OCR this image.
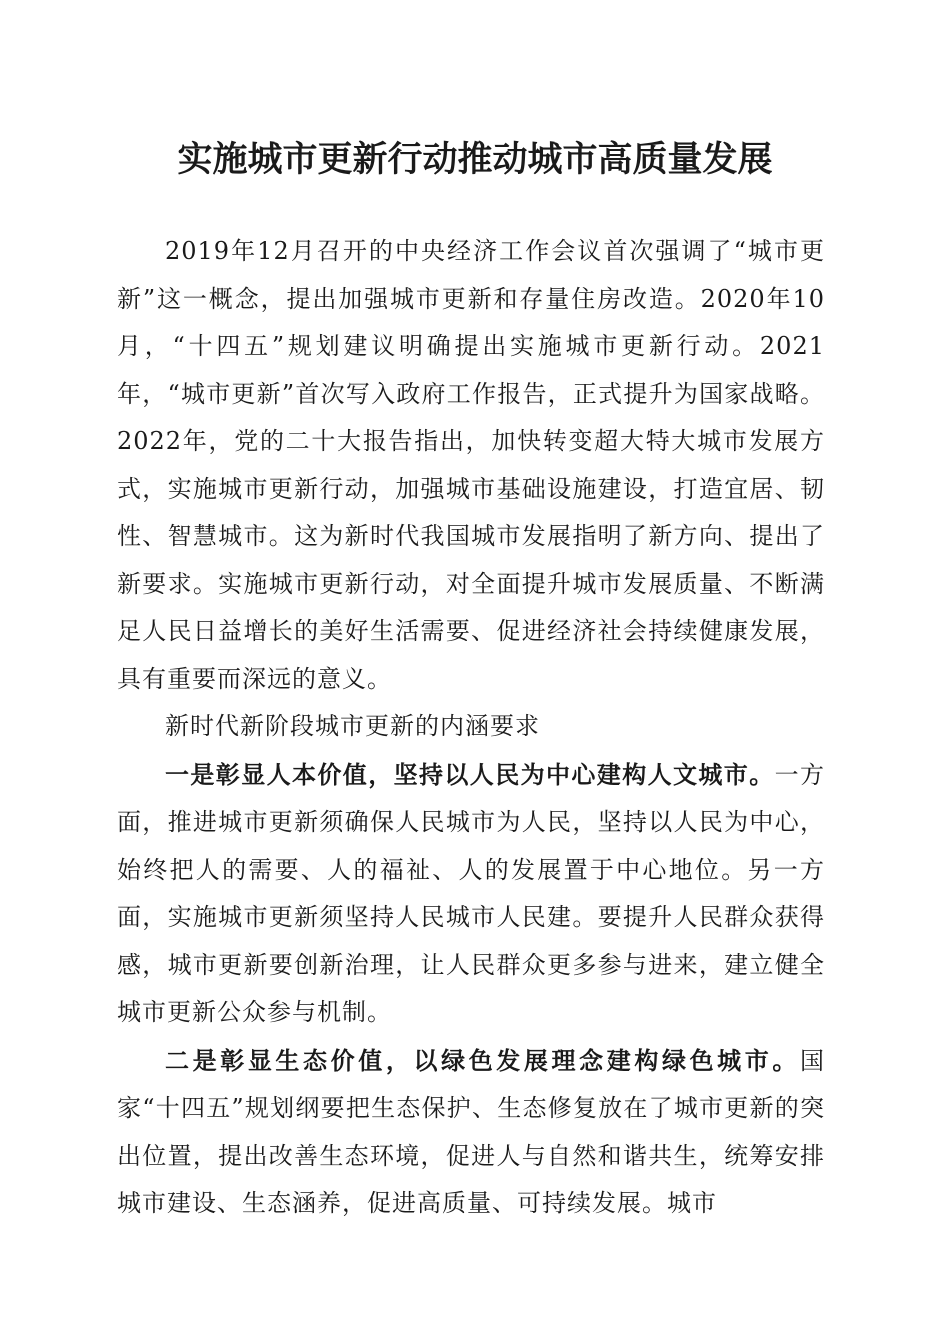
实施城市更新行动推动城市高质量发展

2019年12月召开的中央经济工作会议首次强调了“城市更新”这一概念，提出加强城市更新和存量住房改造。2020年10月，“十四五”规划建议明确提出实施城市更新行动。2021年，“城市更新”首次写入政府工作报告，正式提升为国家战略。2022年，党的二十大报告指出，加快转变超大特大城市发展方式，实施城市更新行动，加强城市基础设施建设，打造宜居、韧性、智慧城市。这为新时代我国城市发展指明了新方向、提出了新要求。实施城市更新行动，对全面提升城市发展质量、不断满足人民日益增长的美好生活需要、促进经济社会持续健康发展，具有重要而深远的意义。

新时代新阶段城市更新的内涵要求

一是彰显人本价值，坚持以人民为中心建构人文城市。一方面，推进城市更新须确保人民城市为人民，坚持以人民为中心，始终把人的需要、人的福祉、人的发展置于中心地位。另一方面，实施城市更新须坚持人民城市人民建。要提升人民群众获得感，城市更新要创新治理，让人民群众更多参与进来，建立健全城市更新公众参与机制。

二是彰显生态价值，以绿色发展理念建构绿色城市。国家“十四五”规划纲要把生态保护、生态修复放在了城市更新的突出位置，提出改善生态环境，促进人与自然和谐共生，统筹安排城市建设、生态涵养，促进高质量、可持续发展。城市
